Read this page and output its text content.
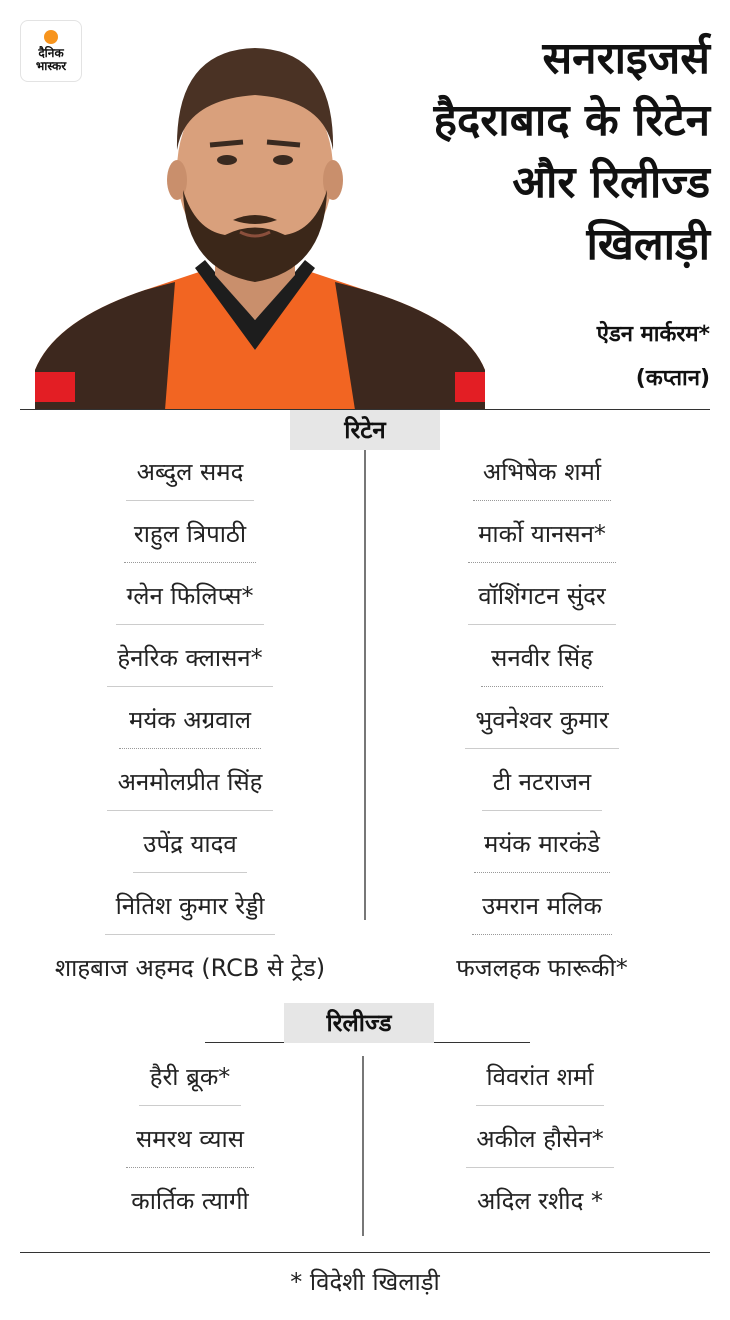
दैनिक
भास्कर	सनराइजर्स
हैदराबाद के रिटेन
और रिलीज्ड
खिलाड़ी
ऐडन मार्करम*
(कप्तान)
रिटेन
अब्दुल समद
राहुल त्रिपाठी
ग्लेन फिलिप्स*
हेनरिक क्लासन*
मयंक अग्रवाल
अनमोलप्रीत सिंह
उपेंद्र यादव
नितिश कुमार रेड्डी
शाहबाज अहमद (RCB से ट्रेड)
अभिषेक शर्मा
मार्को यानसन*
वॉशिंगटन सुंदर
सनवीर सिंह
भुवनेश्वर कुमार
टी नटराजन
मयंक मारकंडे
उमरान मलिक
फजलहक फारूकी*
रिलीज्ड
हैरी ब्रूक*
समरथ व्यास
कार्तिक त्यागी
विवरांत शर्मा
अकील हौसेन*
अदिल रशीद *
* विदेशी खिलाड़ी
